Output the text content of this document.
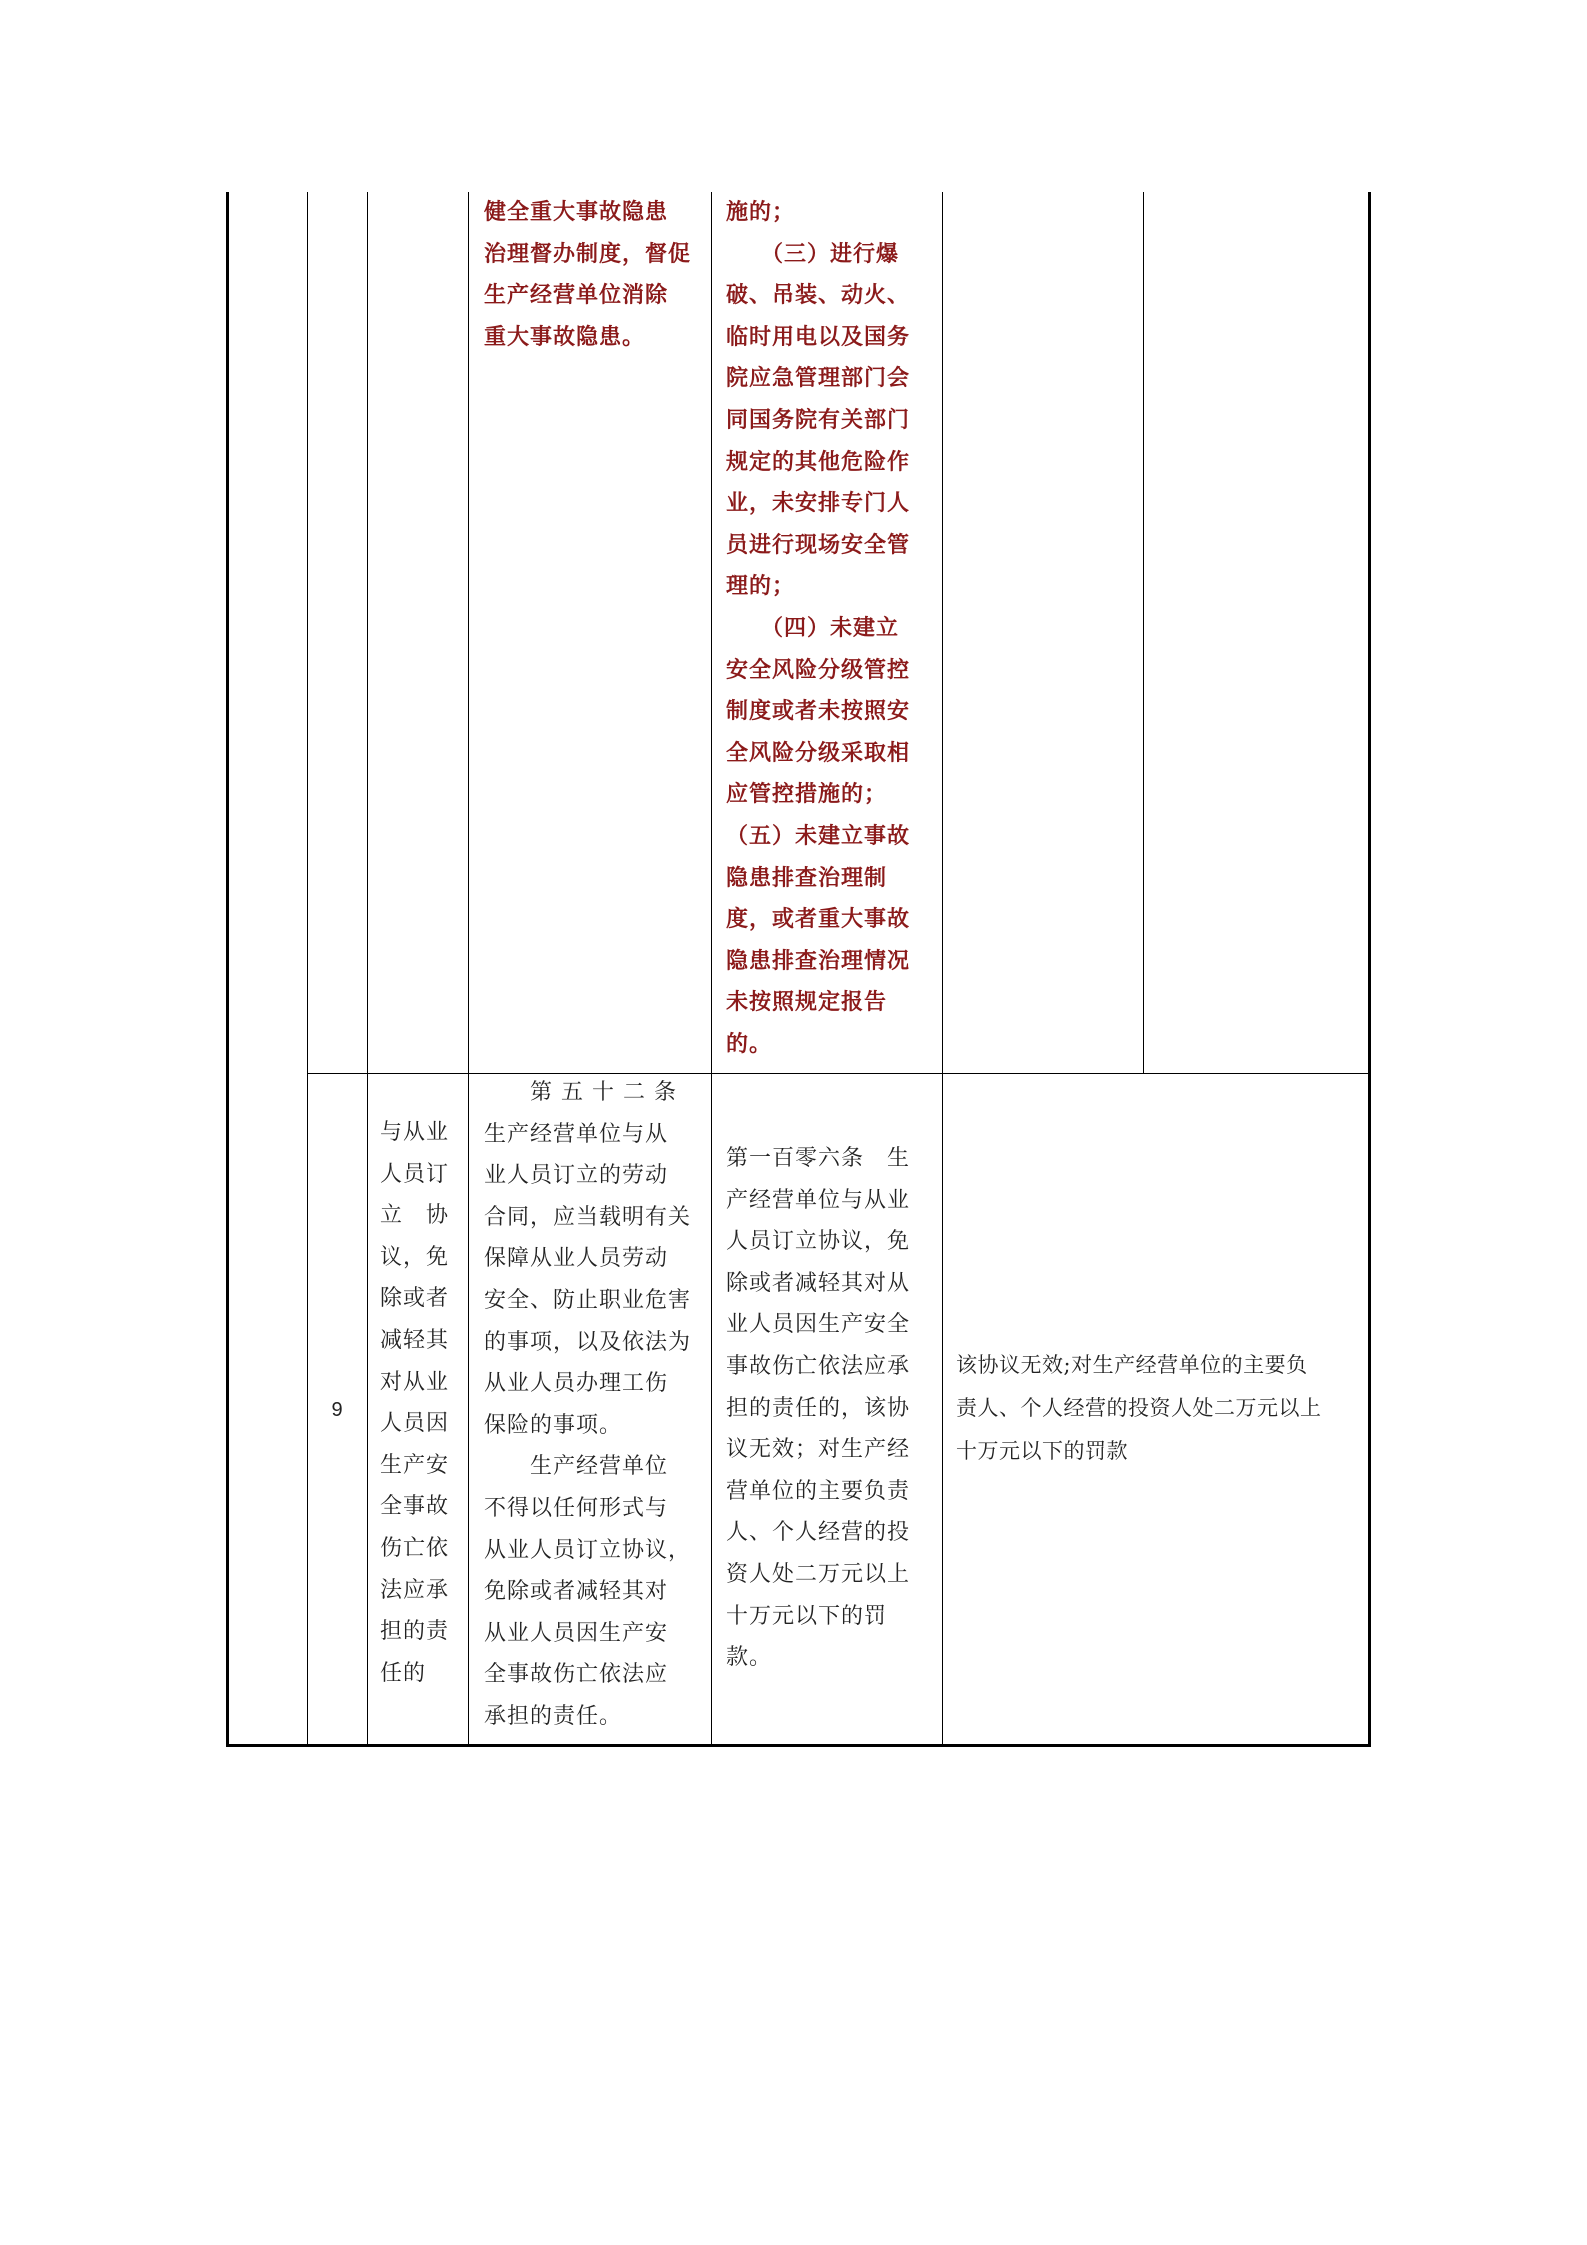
健全重大事故隐患

治理督办制度，督促

生产经营单位消除

重大事故隐患。

施的；

　　（三）进行爆

破、吊装、动火、

临时用电以及国务

院应急管理部门会

同国务院有关部门

规定的其他危险作

业，未安排专门人

员进行现场安全管

理的；

　　（四）未建立

安全风险分级管控

制度或者未按照安

全风险分级采取相

应管控措施的；

（五）未建立事故

隐患排查治理制

度，或者重大事故

隐患排查治理情况

未按照规定报告

的。

9

与从业

人员订

立　协

议，免

除或者

减轻其

对从业

人员因

生产安

全事故

伤亡依

法应承

担的责

任的

　　第 五 十 二 条

生产经营单位与从

业人员订立的劳动

合同，应当载明有关

保障从业人员劳动

安全、防止职业危害

的事项，以及依法为

从业人员办理工伤

保险的事项。

　　生产经营单位

不得以任何形式与

从业人员订立协议，

免除或者减轻其对

从业人员因生产安

全事故伤亡依法应

承担的责任。

第一百零六条　生

产经营单位与从业

人员订立协议，免

除或者减轻其对从

业人员因生产安全

事故伤亡依法应承

担的责任的，该协

议无效；对生产经

营单位的主要负责

人、个人经营的投

资人处二万元以上

十万元以下的罚

款。

该协议无效;对生产经营单位的主要负

责人、个人经营的投资人处二万元以上

十万元以下的罚款
